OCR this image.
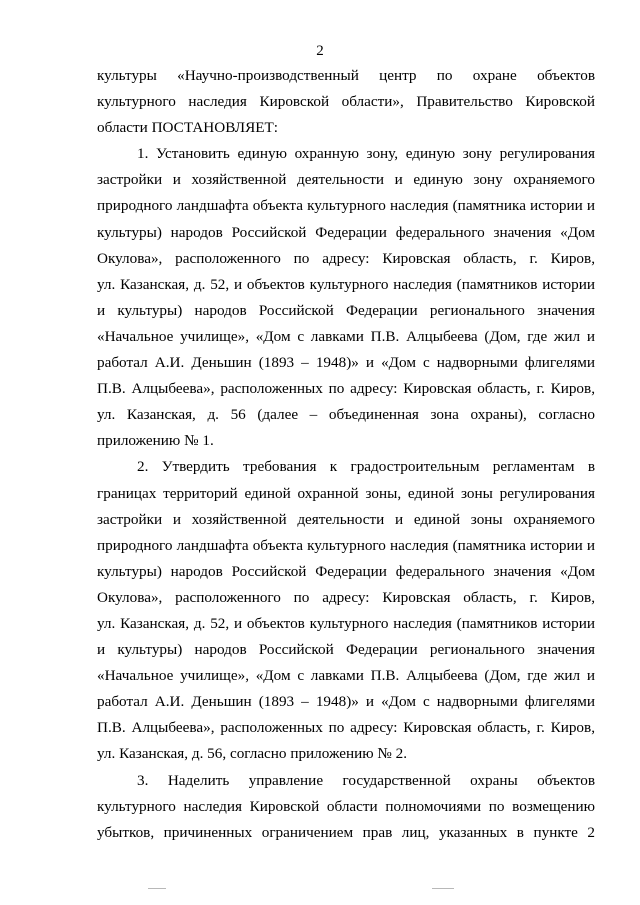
2
культуры «Научно-производственный центр по охране объектов
культурного наследия Кировской области», Правительство Кировской
области ПОСТАНОВЛЯЕТ:
1. Установить единую охранную зону, единую зону регулирования
застройки и хозяйственной деятельности и единую зону охраняемого
природного ландшафта объекта культурного наследия (памятника истории и
культуры) народов Российской Федерации федерального значения «Дом
Окулова», расположенного по адресу: Кировская область, г. Киров,
ул. Казанская, д. 52, и объектов культурного наследия (памятников истории
и культуры) народов Российской Федерации регионального значения
«Начальное училище», «Дом с лавками П.В. Алцыбеева (Дом, где жил и
работал А.И. Деньшин (1893 – 1948)» и «Дом с надворными флигелями
П.В. Алцыбеева», расположенных по адресу: Кировская область, г. Киров,
ул. Казанская, д. 56 (далее – объединенная зона охраны), согласно
приложению № 1.
2. Утвердить требования к градостроительным регламентам в
границах территорий единой охранной зоны, единой зоны регулирования
застройки и хозяйственной деятельности и единой зоны охраняемого
природного ландшафта объекта культурного наследия (памятника истории и
культуры) народов Российской Федерации федерального значения «Дом
Окулова», расположенного по адресу: Кировская область, г. Киров,
ул. Казанская, д. 52, и объектов культурного наследия (памятников истории
и культуры) народов Российской Федерации регионального значения
«Начальное училище», «Дом с лавками П.В. Алцыбеева (Дом, где жил и
работал А.И. Деньшин (1893 – 1948)» и «Дом с надворными флигелями
П.В. Алцыбеева», расположенных по адресу: Кировская область, г. Киров,
ул. Казанская, д. 56, согласно приложению № 2.
3. Наделить управление государственной охраны объектов
культурного наследия Кировской области полномочиями по возмещению
убытков, причиненных ограничением прав лиц, указанных в пункте 2
